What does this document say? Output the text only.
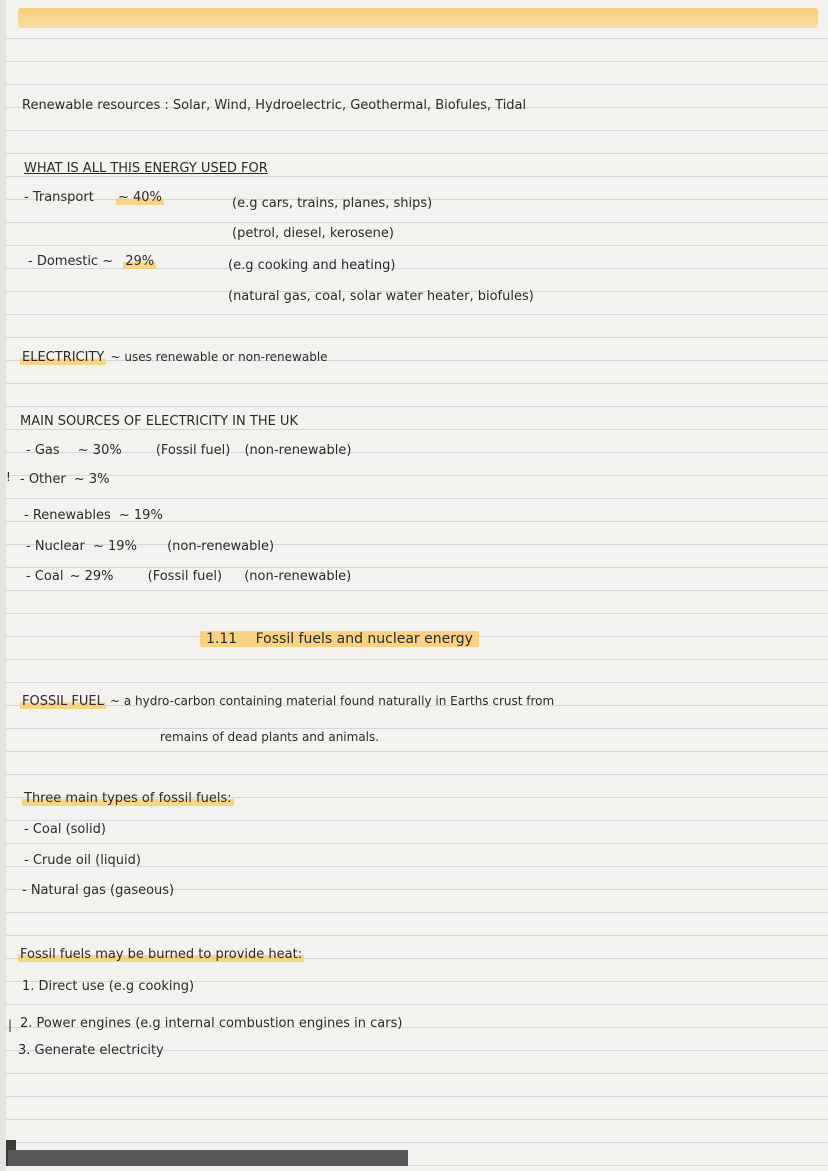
Renewable resources : Solar, Wind, Hydroelectric, Geothermal, Biofules, Tidal
WHAT IS ALL THIS ENERGY USED FOR
- Transport ~ 40%	(e.g cars, trains, planes, ships)
(petrol, diesel, kerosene)
- Domestic ~ 29%	(e.g cooking and heating)
(natural gas, coal, solar water heater, biofules)
ELECTRICITY ~ uses renewable or non-renewable
MAIN SOURCES OF ELECTRICITY IN THE UK
- Gas ~ 30%	(Fossil fuel) (non-renewable)
! - Other ~ 3%
- Renewables ~ 19%
- Nuclear ~ 19% (non-renewable)
- Coal ~ 29%	(Fossil fuel) (non-renewable)
1.11 Fossil fuels and nuclear energy
FOSSIL FUEL ~ a hydro-carbon containing material found naturally in Earths crust from
remains of dead plants and animals.
Three main types of fossil fuels:
- Coal (solid)
- Crude oil (liquid)
- Natural gas (gaseous)
Fossil fuels may be burned to provide heat:
1. Direct use (e.g cooking)
| 2. Power engines (e.g internal combustion engines in cars)
3. Generate electricity
